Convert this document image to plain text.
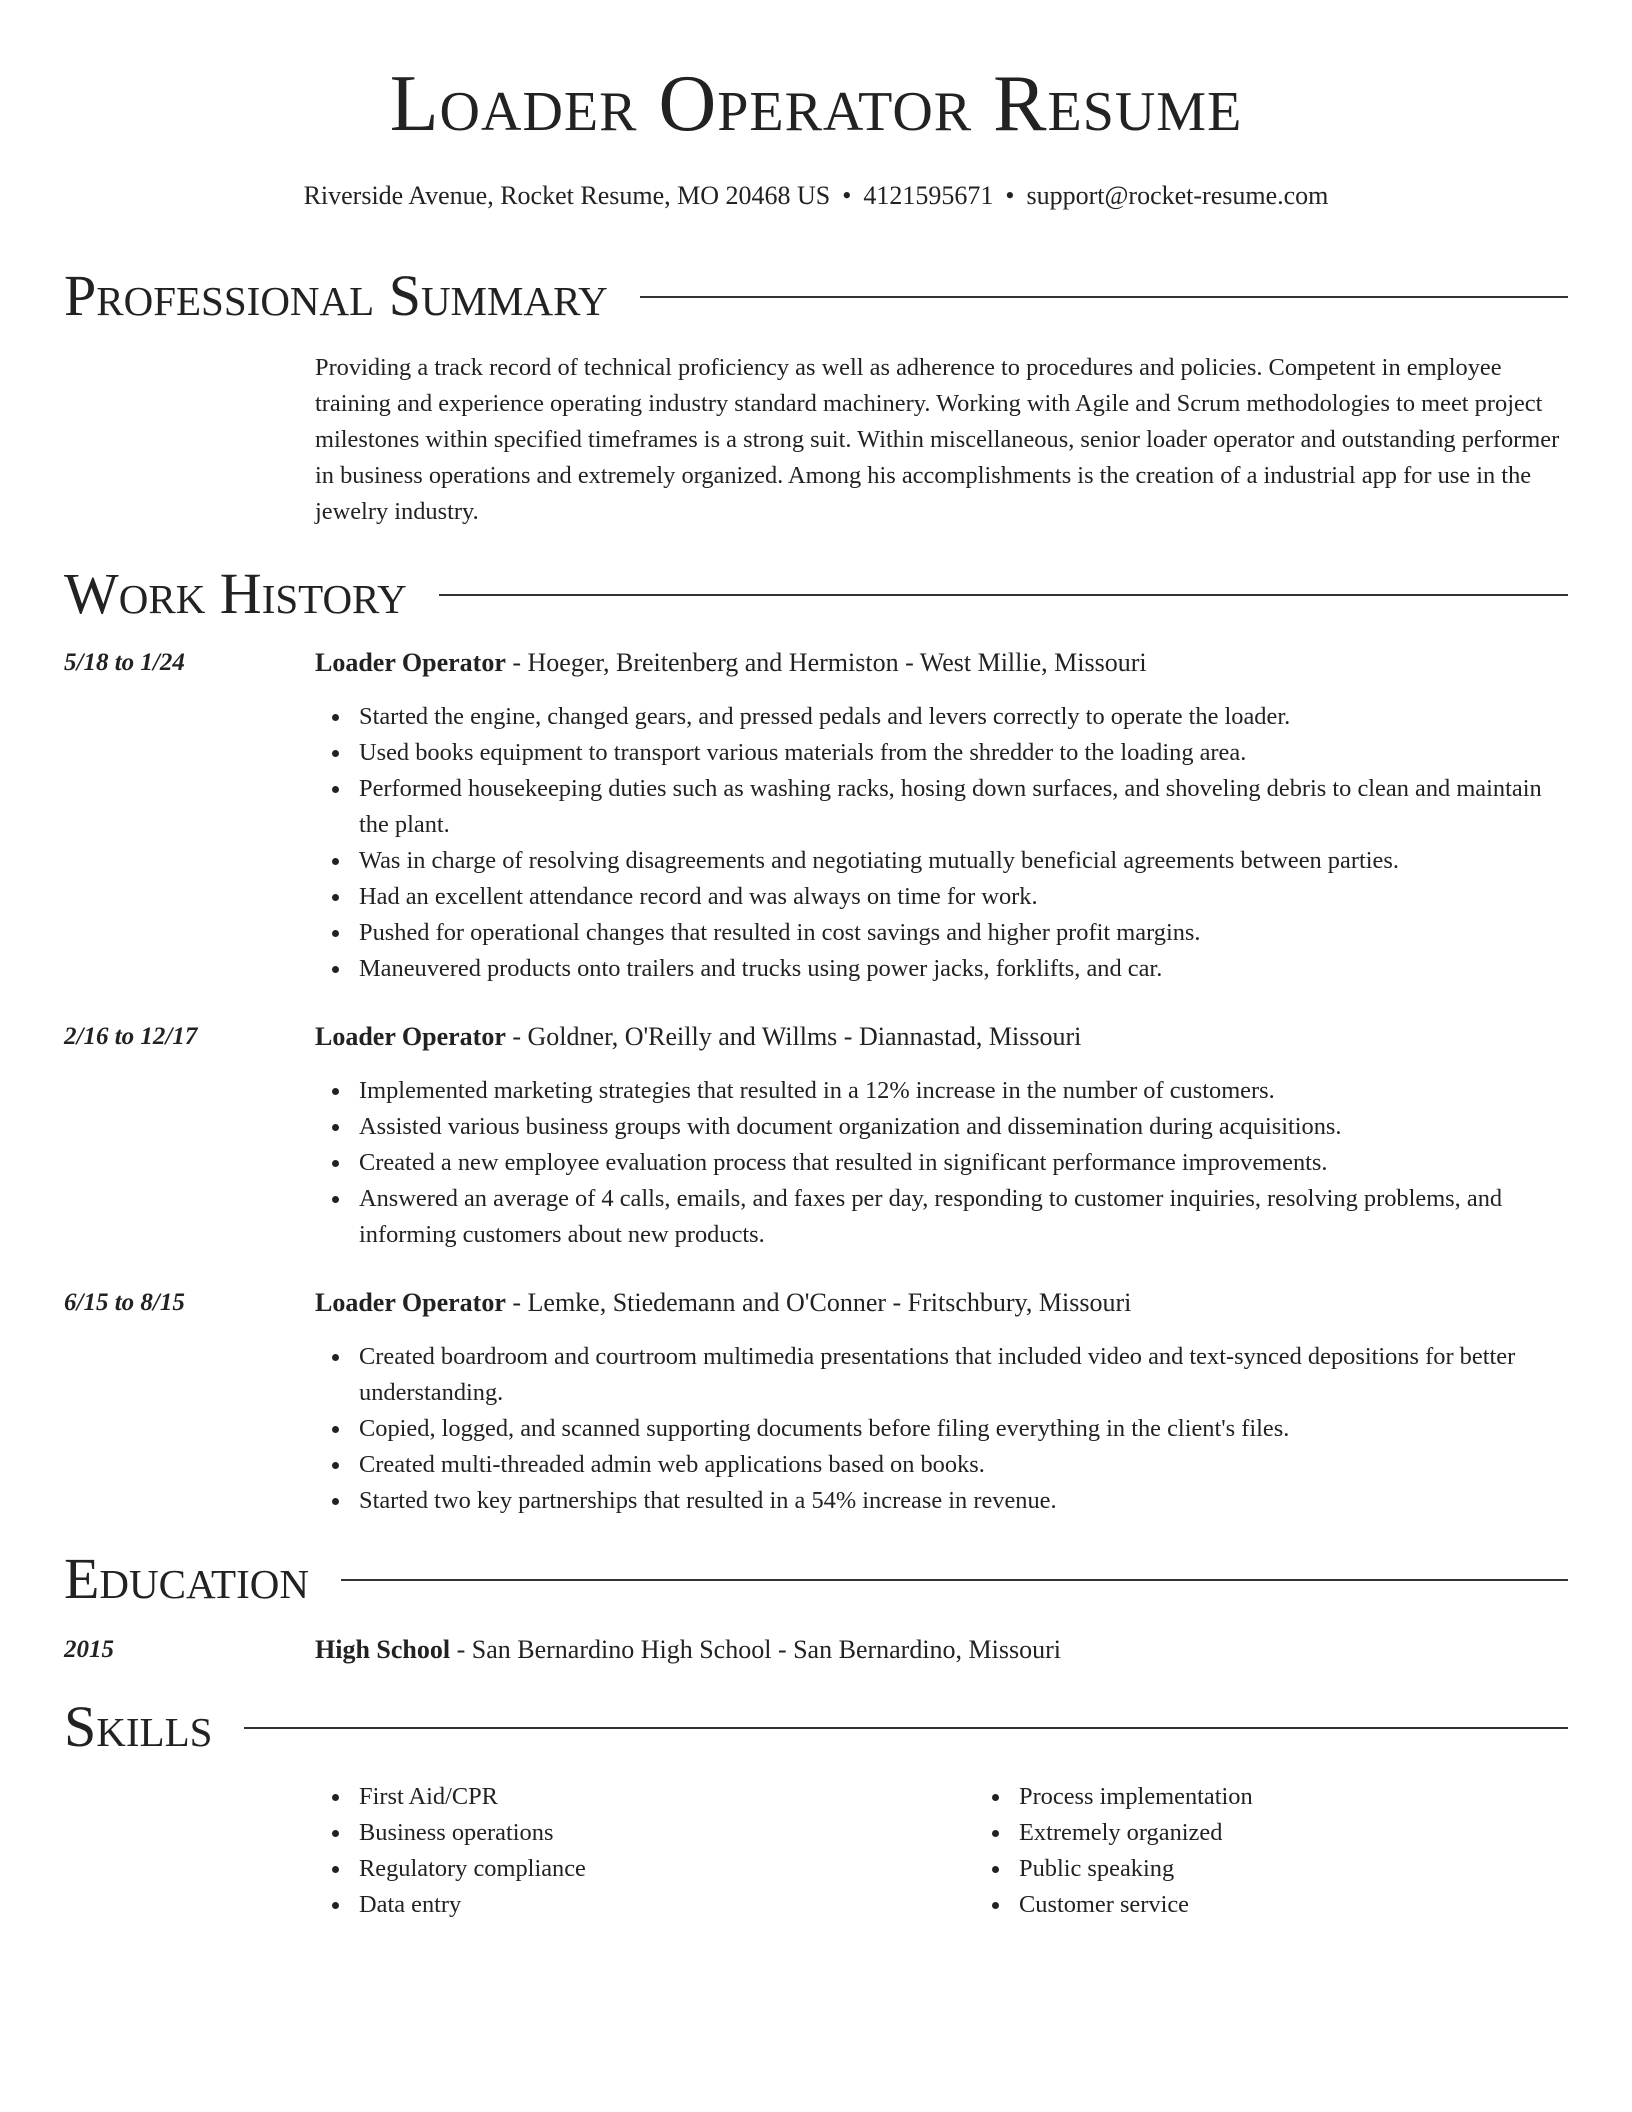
Loader Operator Resume
Riverside Avenue, Rocket Resume, MO 20468 US • 4121595671 • support@rocket-resume.com
Professional Summary

Providing a track record of technical proficiency as well as adherence to procedures and policies. Competent in employee training and experience operating industry standard machinery. Working with Agile and Scrum methodologies to meet project milestones within specified timeframes is a strong suit. Within miscellaneous, senior loader operator and outstanding performer in business operations and extremely organized. Among his accomplishments is the creation of a industrial app for use in the jewelry industry.

Work History
5/18 to 1/24	Loader Operator - Hoeger, Breitenberg and Hermiston - West Millie, Missouri
Started the engine, changed gears, and pressed pedals and levers correctly to operate the loader.
Used books equipment to transport various materials from the shredder to the loading area.
Performed housekeeping duties such as washing racks, hosing down surfaces, and shoveling debris to clean and maintain the plant.
Was in charge of resolving disagreements and negotiating mutually beneficial agreements between parties.
Had an excellent attendance record and was always on time for work.
Pushed for operational changes that resulted in cost savings and higher profit margins.
Maneuvered products onto trailers and trucks using power jacks, forklifts, and car.
2/16 to 12/17	Loader Operator - Goldner, O'Reilly and Willms - Diannastad, Missouri
Implemented marketing strategies that resulted in a 12% increase in the number of customers.
Assisted various business groups with document organization and dissemination during acquisitions.
Created a new employee evaluation process that resulted in significant performance improvements.
Answered an average of 4 calls, emails, and faxes per day, responding to customer inquiries, resolving problems, and informing customers about new products.
6/15 to 8/15	Loader Operator - Lemke, Stiedemann and O'Conner - Fritschbury, Missouri
Created boardroom and courtroom multimedia presentations that included video and text-synced depositions for better understanding.
Copied, logged, and scanned supporting documents before filing everything in the client's files.
Created multi-threaded admin web applications based on books.
Started two key partnerships that resulted in a 54% increase in revenue.
Education
2015	High School - San Bernardino High School - San Bernardino, Missouri
Skills
First Aid/CPR
Business operations
Regulatory compliance
Data entry
Process implementation
Extremely organized
Public speaking
Customer service
